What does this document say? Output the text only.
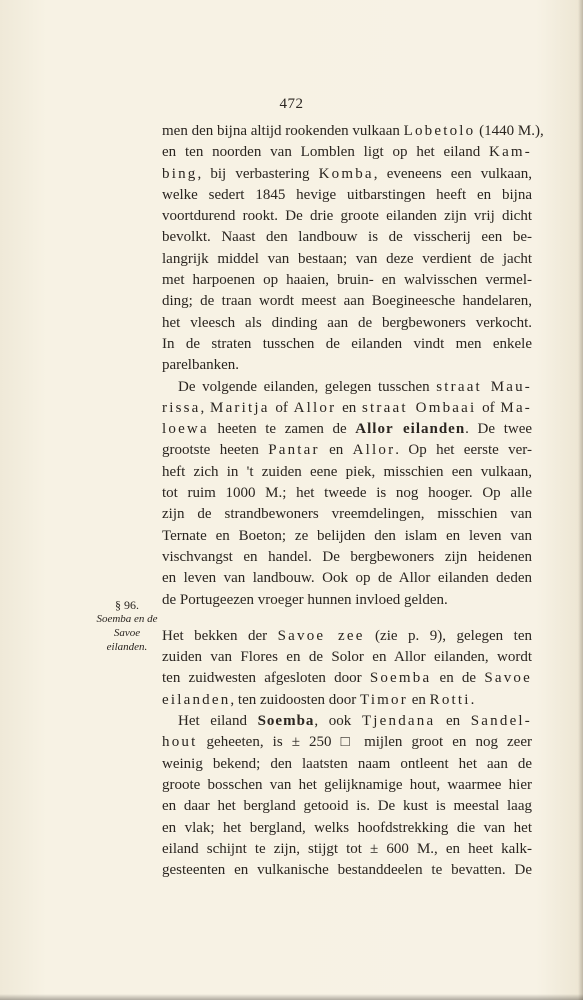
472
§ 96.
Soemba en de
Savoe
eilanden.
men den bijna altijd rookenden vulkaan Lobetolo (1440 M.),
en ten noorden van Lomblen ligt op het eiland Kam-
bing, bij verbastering Komba, eveneens een vulkaan,
welke sedert 1845 hevige uitbarstingen heeft en bijna
voortdurend rookt. De drie groote eilanden zijn vrij dicht
bevolkt. Naast den landbouw is de visscherij een be-
langrijk middel van bestaan; van deze verdient de jacht
met harpoenen op haaien, bruin- en walvisschen vermel-
ding; de traan wordt meest aan Boegineesche handelaren,
het vleesch als dinding aan de bergbewoners verkocht.
In de straten tusschen de eilanden vindt men enkele
parelbanken.
De volgende eilanden, gelegen tusschen straat Mau-
rissa, Maritja of Allor en straat Ombaai of Ma-
loewa heeten te zamen de Allor eilanden. De twee
grootste heeten Pantar en Allor. Op het eerste ver-
heft zich in 't zuiden eene piek, misschien een vulkaan,
tot ruim 1000 M.; het tweede is nog hooger. Op alle
zijn de strandbewoners vreemdelingen, misschien van
Ternate en Boeton; ze belijden den islam en leven van
vischvangst en handel. De bergbewoners zijn heidenen
en leven van landbouw. Ook op de Allor eilanden deden
de Portugeezen vroeger hunnen invloed gelden.
Het bekken der Savoe zee (zie p. 9), gelegen ten
zuiden van Flores en de Solor en Allor eilanden, wordt
ten zuidwesten afgesloten door Soemba en de Savoe
eilanden, ten zuidoosten door Timor en Rotti.
Het eiland Soemba, ook Tjendana en Sandel-
hout geheeten, is ± 250 □ mijlen groot en nog zeer
weinig bekend; den laatsten naam ontleent het aan de
groote bosschen van het gelijknamige hout, waarmee hier
en daar het bergland getooid is. De kust is meestal laag
en vlak; het bergland, welks hoofdstrekking die van het
eiland schijnt te zijn, stijgt tot ± 600 M., en heet kalk-
gesteenten en vulkanische bestanddeelen te bevatten. De
